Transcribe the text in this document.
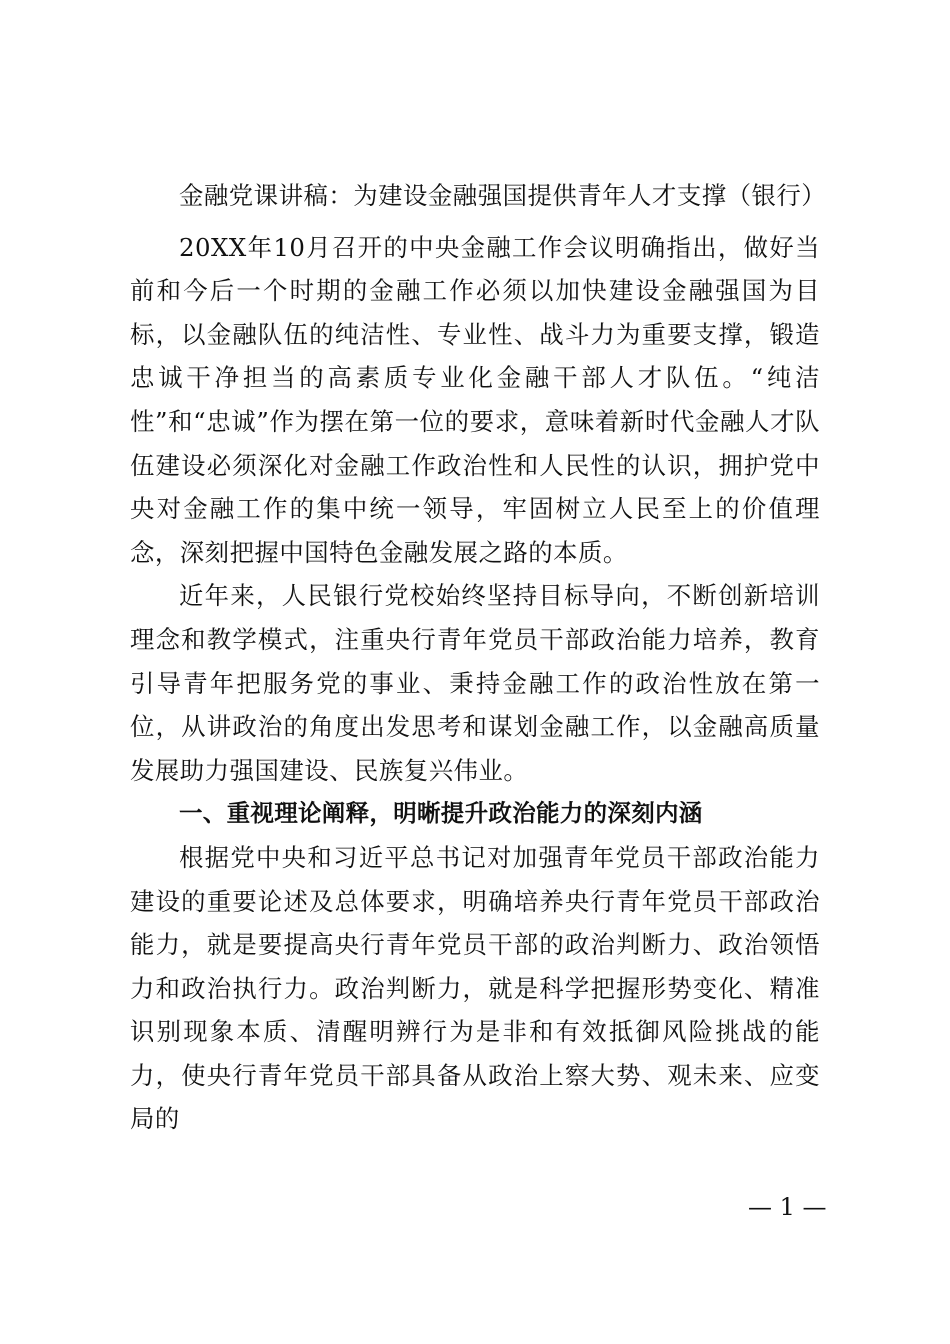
金融党课讲稿：为建设金融强国提供青年人才支撑（银行）

20XX年10月召开的中央金融工作会议明确指出，做好当前和今后一个时期的金融工作必须以加快建设金融强国为目标，以金融队伍的纯洁性、专业性、战斗力为重要支撑，锻造忠诚干净担当的高素质专业化金融干部人才队伍。“纯洁性”和“忠诚”作为摆在第一位的要求，意味着新时代金融人才队伍建设必须深化对金融工作政治性和人民性的认识，拥护党中央对金融工作的集中统一领导，牢固树立人民至上的价值理念，深刻把握中国特色金融发展之路的本质。

近年来，人民银行党校始终坚持目标导向，不断创新培训理念和教学模式，注重央行青年党员干部政治能力培养，教育引导青年把服务党的事业、秉持金融工作的政治性放在第一位，从讲政治的角度出发思考和谋划金融工作，以金融高质量发展助力强国建设、民族复兴伟业。

一、重视理论阐释，明晰提升政治能力的深刻内涵

根据党中央和习近平总书记对加强青年党员干部政治能力建设的重要论述及总体要求，明确培养央行青年党员干部政治能力，就是要提高央行青年党员干部的政治判断力、政治领悟力和政治执行力。政治判断力，就是科学把握形势变化、精准识别现象本质、清醒明辨行为是非和有效抵御风险挑战的能力，使央行青年党员干部具备从政治上察大势、观未来、应变局的

— 1 —
